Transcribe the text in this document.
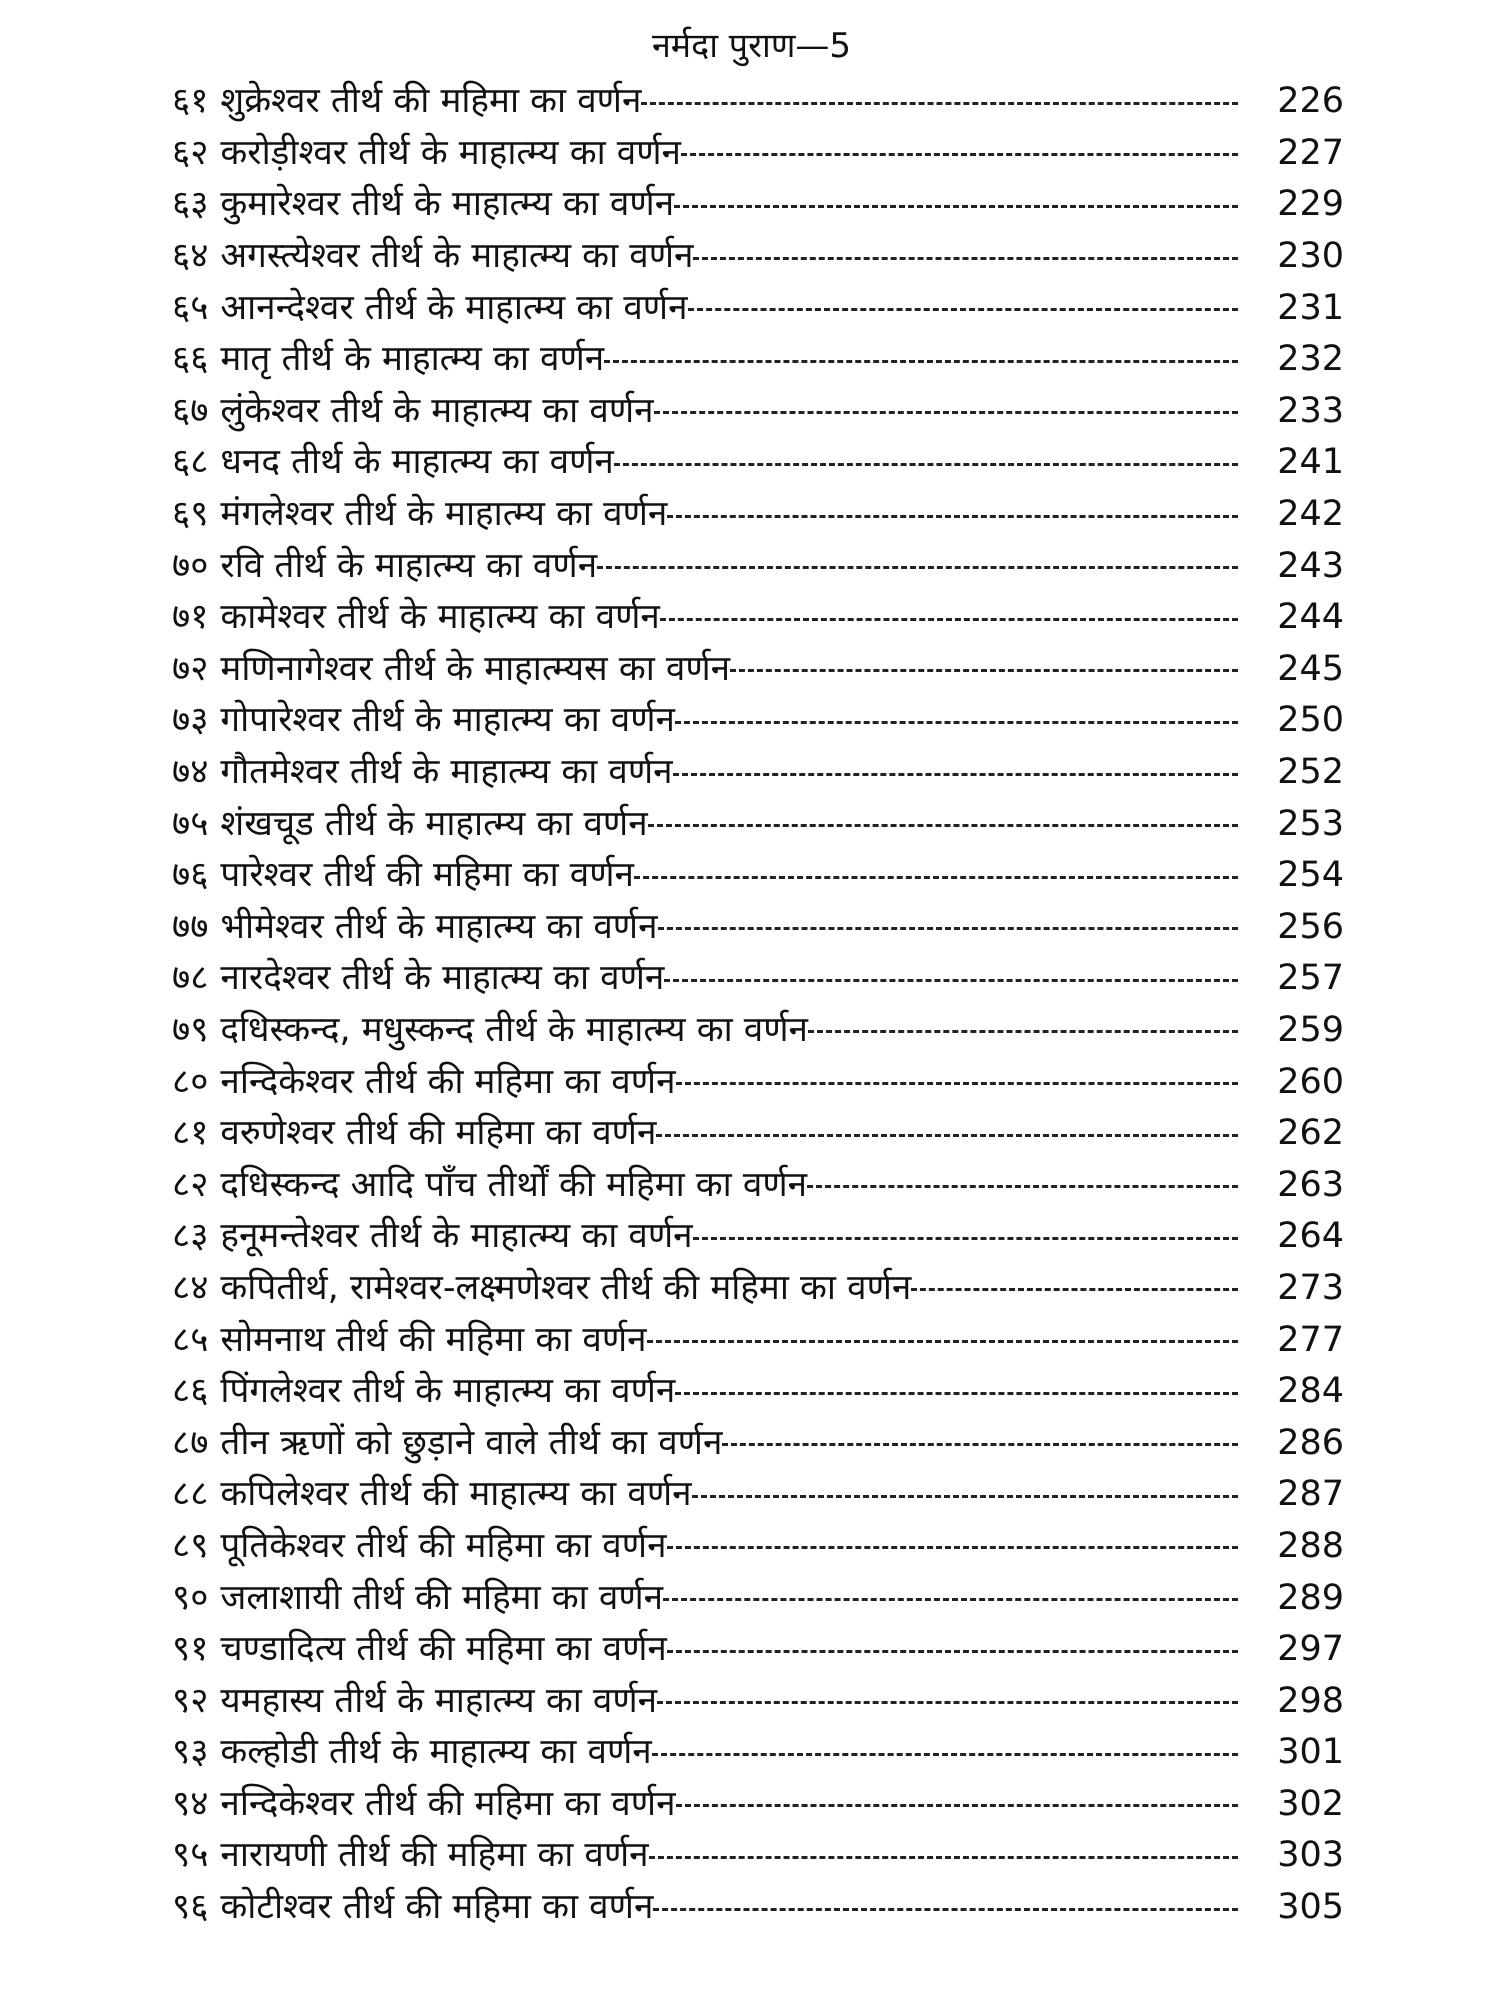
नर्मदा पुराण—5
६१ शुक्रेश्वर तीर्थ की महिमा का वर्णन	226
६२ करोड़ीश्वर तीर्थ के माहात्म्य का वर्णन	227
६३ कुमारेश्वर तीर्थ के माहात्म्य का वर्णन	229
६४ अगस्त्येश्वर तीर्थ के माहात्म्य का वर्णन	230
६५ आनन्देश्वर तीर्थ के माहात्म्य का वर्णन	231
६६ मातृ तीर्थ के माहात्म्य का वर्णन	232
६७ लुंकेश्वर तीर्थ के माहात्म्य का वर्णन	233
६८ धनद तीर्थ के माहात्म्य का वर्णन	241
६९ मंगलेश्वर तीर्थ के माहात्म्य का वर्णन	242
७० रवि तीर्थ के माहात्म्य का वर्णन	243
७१ कामेश्वर तीर्थ के माहात्म्य का वर्णन	244
७२ मणिनागेश्वर तीर्थ के माहात्म्यस का वर्णन	245
७३ गोपारेश्वर तीर्थ के माहात्म्य का वर्णन	250
७४ गौतमेश्वर तीर्थ के माहात्म्य का वर्णन	252
७५ शंखचूड तीर्थ के माहात्म्य का वर्णन	253
७६ पारेश्वर तीर्थ की महिमा का वर्णन	254
७७ भीमेश्वर तीर्थ के माहात्म्य का वर्णन	256
७८ नारदेश्वर तीर्थ के माहात्म्य का वर्णन	257
७९ दधिस्कन्द, मधुस्कन्द तीर्थ के माहात्म्य का वर्णन	259
८० नन्दिकेश्वर तीर्थ की महिमा का वर्णन	260
८१ वरुणेश्वर तीर्थ की महिमा का वर्णन	262
८२ दधिस्कन्द आदि पाँच तीर्थों की महिमा का वर्णन	263
८३ हनूमन्तेश्वर तीर्थ के माहात्म्य का वर्णन	264
८४ कपितीर्थ, रामेश्वर-लक्ष्मणेश्वर तीर्थ की महिमा का वर्णन	273
८५ सोमनाथ तीर्थ की महिमा का वर्णन	277
८६ पिंगलेश्वर तीर्थ के माहात्म्य का वर्णन	284
८७ तीन ऋणों को छुड़ाने वाले तीर्थ का वर्णन	286
८८ कपिलेश्वर तीर्थ की माहात्म्य का वर्णन	287
८९ पूतिकेश्वर तीर्थ की महिमा का वर्णन	288
९० जलाशायी तीर्थ की महिमा का वर्णन	289
९१ चण्डादित्य तीर्थ की महिमा का वर्णन	297
९२ यमहास्य तीर्थ के माहात्म्य का वर्णन	298
९३ कल्होडी तीर्थ के माहात्म्य का वर्णन	301
९४ नन्दिकेश्वर तीर्थ की महिमा का वर्णन	302
९५ नारायणी तीर्थ की महिमा का वर्णन	303
९६ कोटीश्वर तीर्थ की महिमा का वर्णन	305
